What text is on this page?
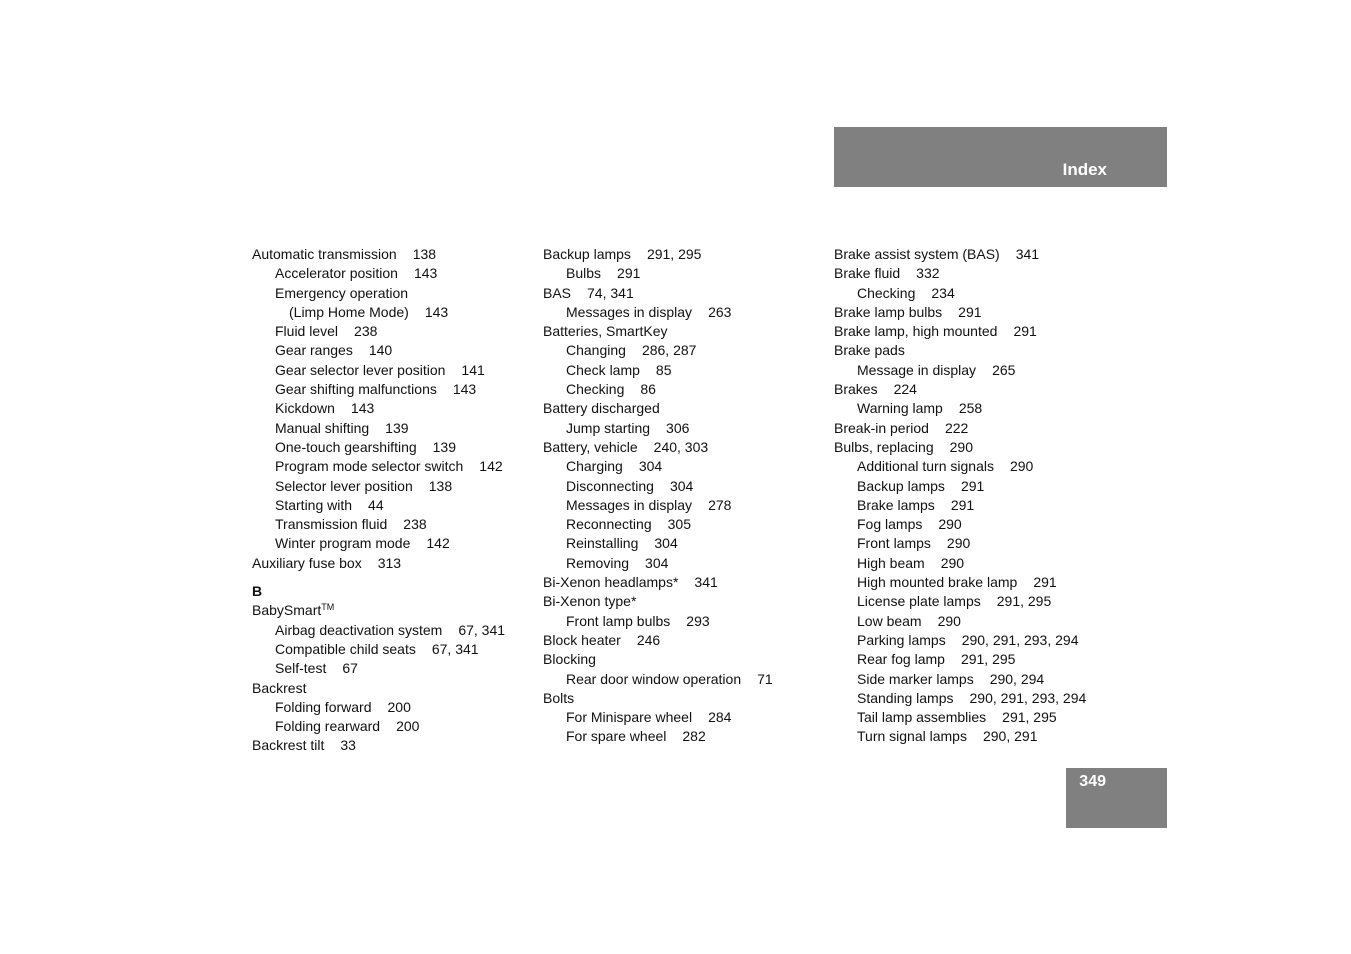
Index
Automatic transmission 138
Accelerator position 143
Emergency operation
(Limp Home Mode) 143
Fluid level 238
Gear ranges 140
Gear selector lever position 141
Gear shifting malfunctions 143
Kickdown 143
Manual shifting 139
One-touch gearshifting 139
Program mode selector switch 142
Selector lever position 138
Starting with 44
Transmission fluid 238
Winter program mode 142
Auxiliary fuse box 313
B
BabySmart™
Airbag deactivation system 67, 341
Compatible child seats 67, 341
Self-test 67
Backrest
Folding forward 200
Folding rearward 200
Backrest tilt 33
Backup lamps 291, 295
Bulbs 291
BAS 74, 341
Messages in display 263
Batteries, SmartKey
Changing 286, 287
Check lamp 85
Checking 86
Battery discharged
Jump starting 306
Battery, vehicle 240, 303
Charging 304
Disconnecting 304
Messages in display 278
Reconnecting 305
Reinstalling 304
Removing 304
Bi-Xenon headlamps* 341
Bi-Xenon type*
Front lamp bulbs 293
Block heater 246
Blocking
Rear door window operation 71
Bolts
For Minispare wheel 284
For spare wheel 282
Brake assist system (BAS) 341
Brake fluid 332
Checking 234
Brake lamp bulbs 291
Brake lamp, high mounted 291
Brake pads
Message in display 265
Brakes 224
Warning lamp 258
Break-in period 222
Bulbs, replacing 290
Additional turn signals 290
Backup lamps 291
Brake lamps 291
Fog lamps 290
Front lamps 290
High beam 290
High mounted brake lamp 291
License plate lamps 291, 295
Low beam 290
Parking lamps 290, 291, 293, 294
Rear fog lamp 291, 295
Side marker lamps 290, 294
Standing lamps 290, 291, 293, 294
Tail lamp assemblies 291, 295
Turn signal lamps 290, 291
349
